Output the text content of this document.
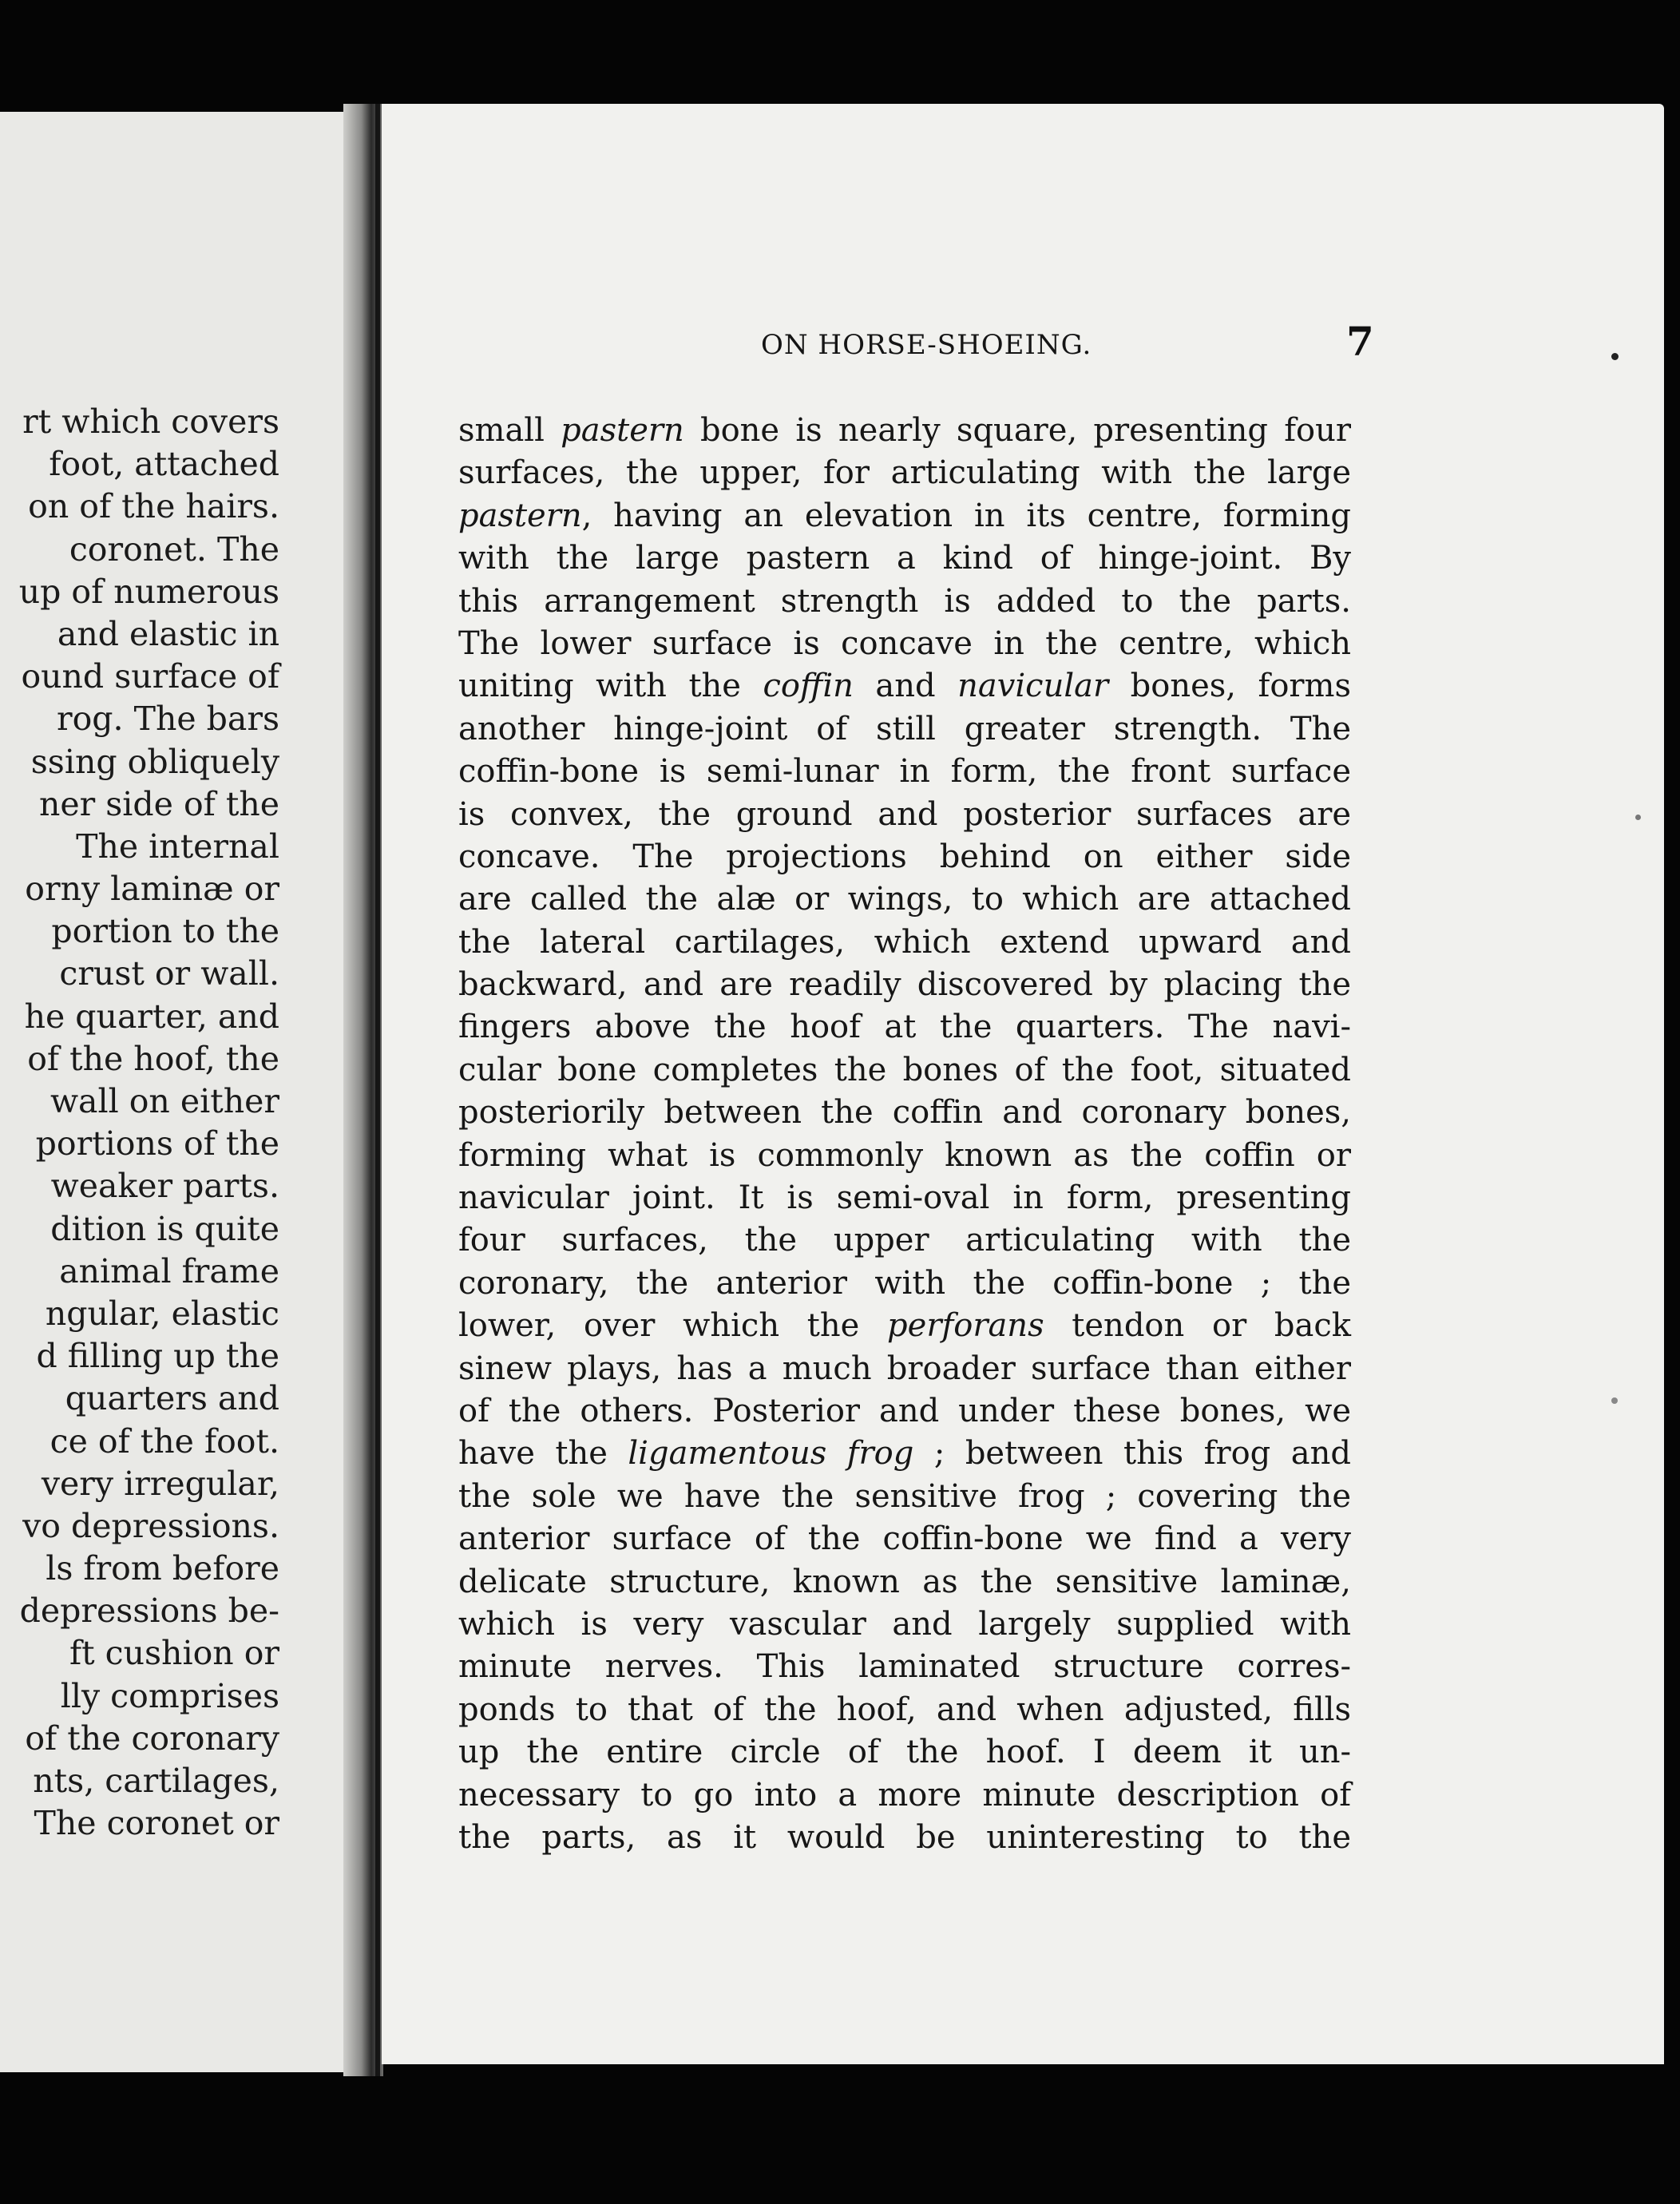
rt which covers
foot, attached
on of the hairs.
coronet. The
up of numerous
and elastic in
ound surface of
rog. The bars
ssing obliquely
ner side of the
The internal
orny laminæ or
portion to the
crust or wall.
he quarter, and
of the hoof, the
wall on either
portions of the
weaker parts.
dition is quite
animal frame
ngular, elastic
d filling up the
quarters and
ce of the foot.
very irregular,
vo depressions.
ls from before
depressions be-
ft cushion or
lly comprises
of the coronary
nts, cartilages,
The coronet or
ON HORSE-SHOEING.	7
small pastern bone is nearly square, presenting four
surfaces, the upper, for articulating with the large
pastern, having an elevation in its centre, forming
with the large pastern a kind of hinge-joint. By
this arrangement strength is added to the parts.
The lower surface is concave in the centre, which
uniting with the coffin and navicular bones, forms
another hinge-joint of still greater strength. The
coffin-bone is semi-lunar in form, the front surface
is convex, the ground and posterior surfaces are
concave. The projections behind on either side
are called the alæ or wings, to which are attached
the lateral cartilages, which extend upward and
backward, and are readily discovered by placing the
fingers above the hoof at the quarters. The navi-
cular bone completes the bones of the foot, situated
posteriorily between the coffin and coronary bones,
forming what is commonly known as the coffin or
navicular joint. It is semi-oval in form, presenting
four surfaces, the upper articulating with the
coronary, the anterior with the coffin-bone ; the
lower, over which the perforans tendon or back
sinew plays, has a much broader surface than either
of the others. Posterior and under these bones, we
have the ligamentous frog ; between this frog and
the sole we have the sensitive frog ; covering the
anterior surface of the coffin-bone we find a very
delicate structure, known as the sensitive laminæ,
which is very vascular and largely supplied with
minute nerves. This laminated structure corres-
ponds to that of the hoof, and when adjusted, fills
up the entire circle of the hoof. I deem it un-
necessary to go into a more minute description of
the parts, as it would be uninteresting to the
